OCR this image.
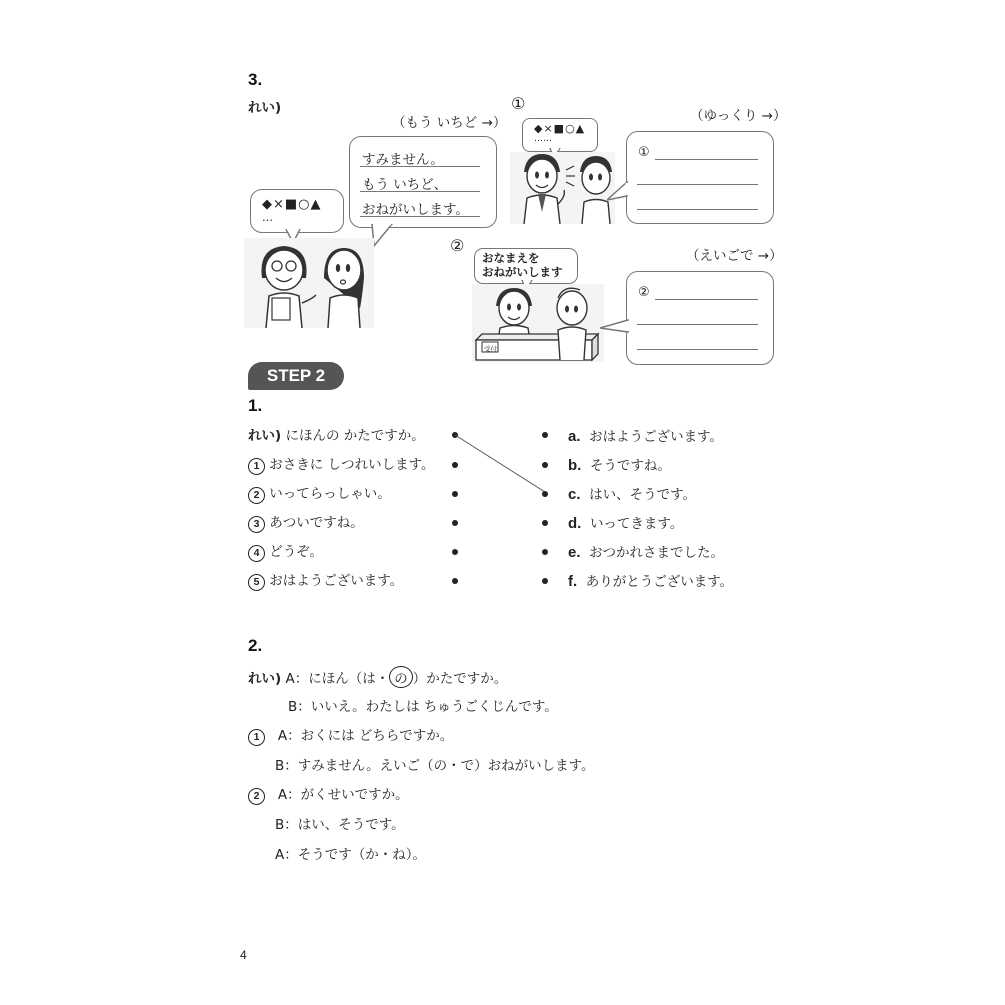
3.
れい)
（もう いちど →）
すみません。
もう いちど、
おねがいします。
◆×■○▲
…
①
（ゆっくり →）
◆×■○▲
……
①
②
（えいごで →）
おなまえを
おねがいします
受付
②
STEP 2
1.
れい) にほんの かたですか。
1 おさきに しつれいします。
2 いってらっしゃい。
3 あついですね。
4 どうぞ。
5 おはようございます。
a. おはようございます。
b. そうですね。
c. はい、そうです。
d. いってきます。
e. おつかれさまでした。
f. ありがとうございます。
2.
れい) A：にほん（は・ の ）かたですか。
B：いいえ。わたしは ちゅうごくじんです。
1 A：おくには どちらですか。
B：すみません。えいご（の・で）おねがいします。
2 A：がくせいですか。
B：はい、そうです。
A：そうです（か・ね）。
4
